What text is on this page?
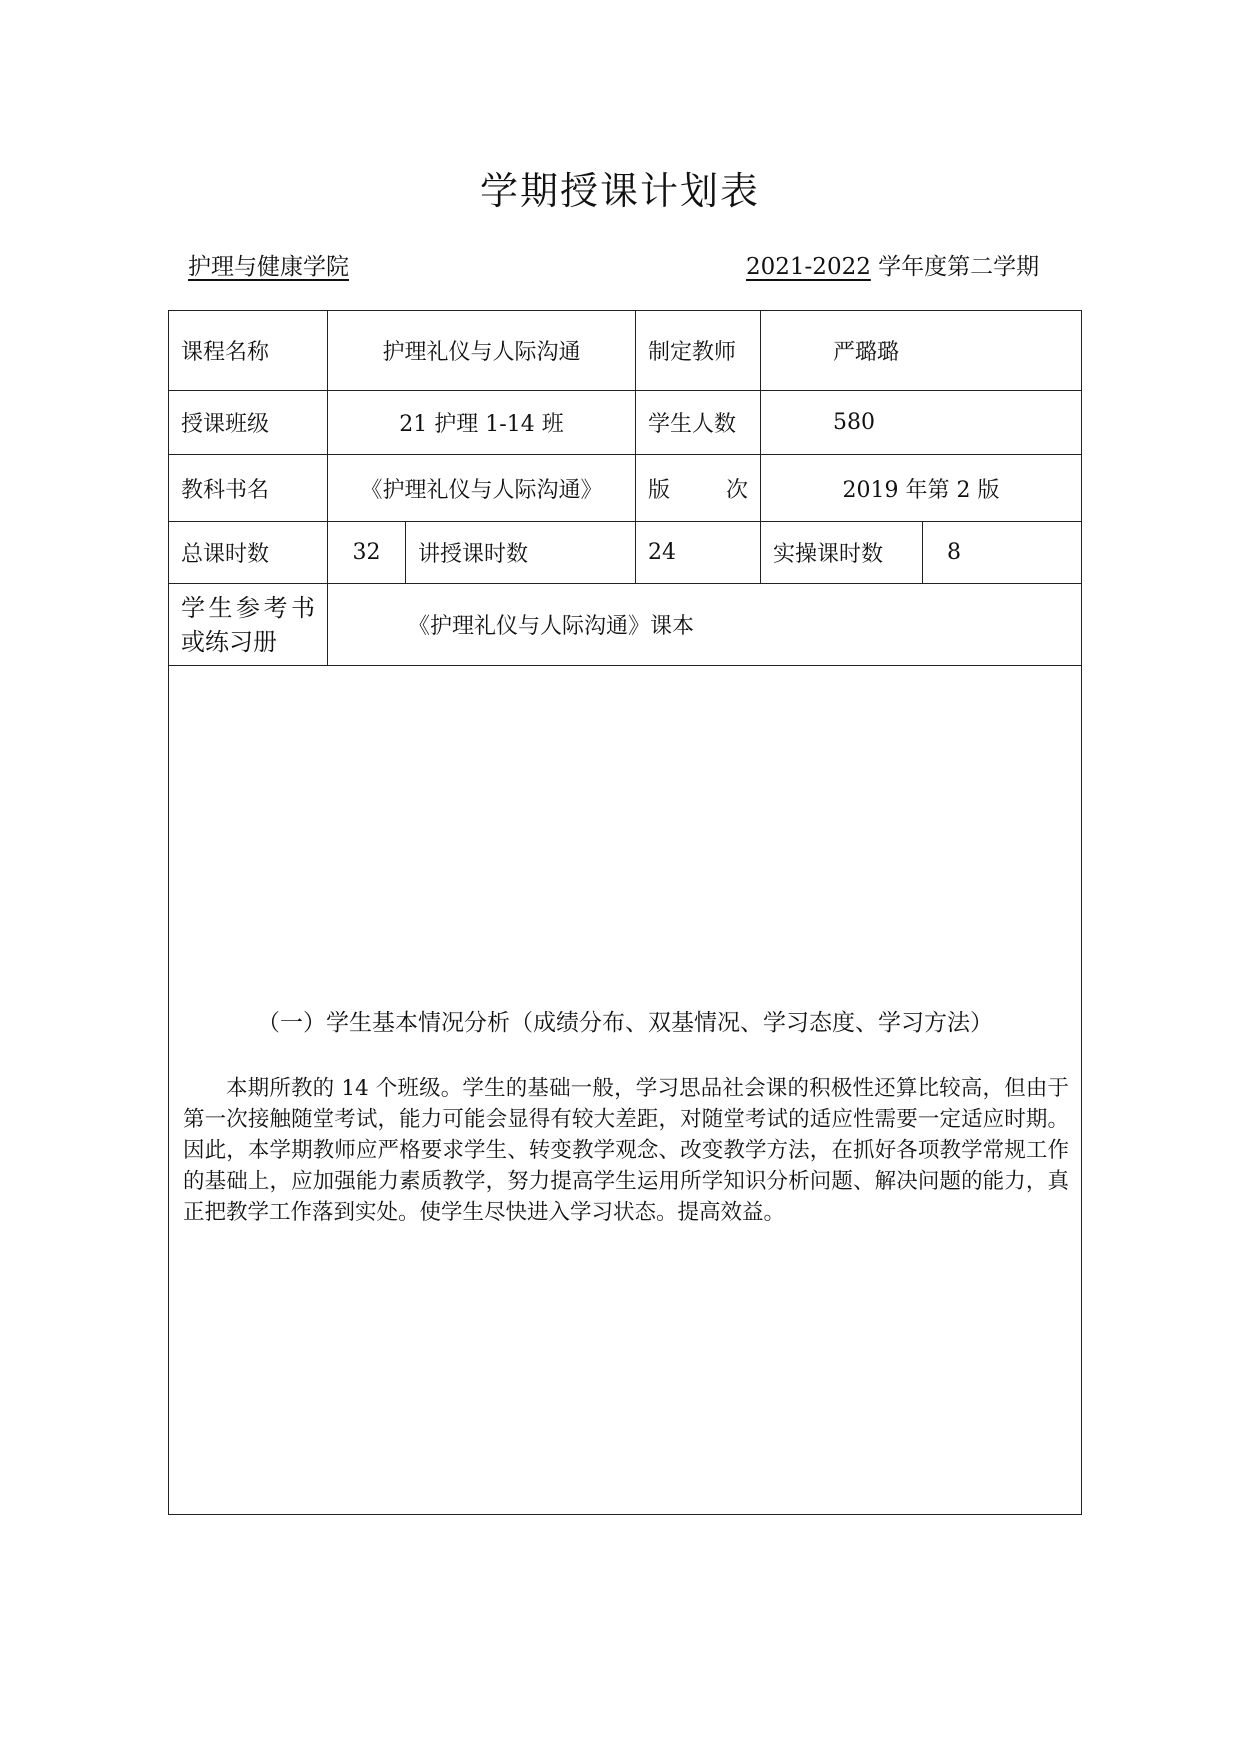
学期授课计划表
护理与健康学院	2021-2022 学年度第二学期
课程名称	护理礼仪与人际沟通		制定教师	严璐璐	
授课班级	21 护理 1-14 班		学生人数	580	
教科书名	《护理礼仪与人际沟通》		版　　次	2019 年第 2 版	
总课时数	32	讲授课时数	24	实操课时数	8

学生参考书
或练习册	《护理礼仪与人际沟通》课本				

（一）学生基本情况分析（成绩分布、双基情况、学习态度、学习方法）

本期所教的 14 个班级。学生的基础一般，学习思品社会课的积极性还算比较高，但由于第一次接触随堂考试，能力可能会显得有较大差距，对随堂考试的适应性需要一定适应时期。因此，本学期教师应严格要求学生、转变教学观念、改变教学方法，在抓好各项教学常规工作的基础上，应加强能力素质教学，努力提高学生运用所学知识分析问题、解决问题的能力，真正把教学工作落到实处。使学生尽快进入学习状态。提高效益。					
